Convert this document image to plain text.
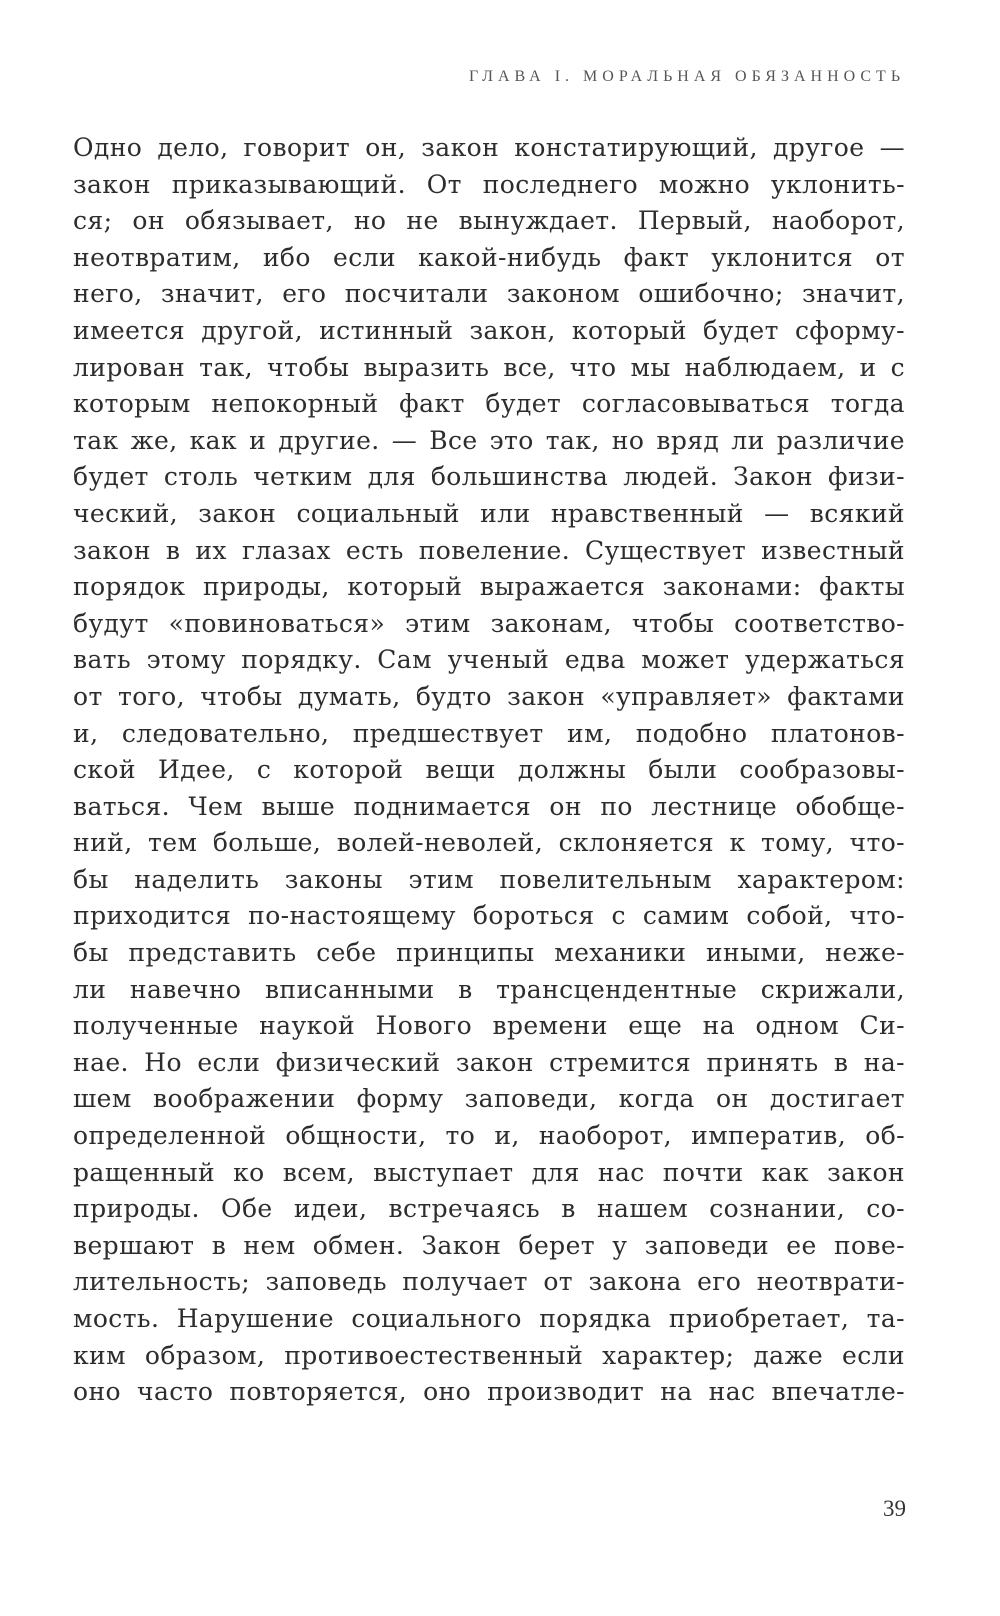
ГЛАВА I. МОРАЛЬНАЯ ОБЯЗАННОСТЬ
Одно дело, говорит он, закон констатирующий, другое —
закон приказывающий. От последнего можно уклонить-
ся; он обязывает, но не вынуждает. Первый, наоборот,
неотвратим, ибо если какой-нибудь факт уклонится от
него, значит, его посчитали законом ошибочно; значит,
имеется другой, истинный закон, который будет сформу-
лирован так, чтобы выразить все, что мы наблюдаем, и с
которым непокорный факт будет согласовываться тогда
так же, как и другие. — Все это так, но вряд ли различие
будет столь четким для большинства людей. Закон физи-
ческий, закон социальный или нравственный — всякий
закон в их глазах есть повеление. Существует известный
порядок природы, который выражается законами: факты
будут «повиноваться» этим законам, чтобы соответство-
вать этому порядку. Сам ученый едва может удержаться
от того, чтобы думать, будто закон «управляет» фактами
и, следовательно, предшествует им, подобно платонов-
ской Идее, с которой вещи должны были сообразовы-
ваться. Чем выше поднимается он по лестнице обобще-
ний, тем больше, волей-неволей, склоняется к тому, что-
бы наделить законы этим повелительным характером:
приходится по-настоящему бороться с самим собой, что-
бы представить себе принципы механики иными, неже-
ли навечно вписанными в трансцендентные скрижали,
полученные наукой Нового времени еще на одном Си-
нае. Но если физический закон стремится принять в на-
шем воображении форму заповеди, когда он достигает
определенной общности, то и, наоборот, императив, об-
ращенный ко всем, выступает для нас почти как закон
природы. Обе идеи, встречаясь в нашем сознании, со-
вершают в нем обмен. Закон берет у заповеди ее пове-
лительность; заповедь получает от закона его неотврати-
мость. Нарушение социального порядка приобретает, та-
ким образом, противоестественный характер; даже если
оно часто повторяется, оно производит на нас впечатле-
39
